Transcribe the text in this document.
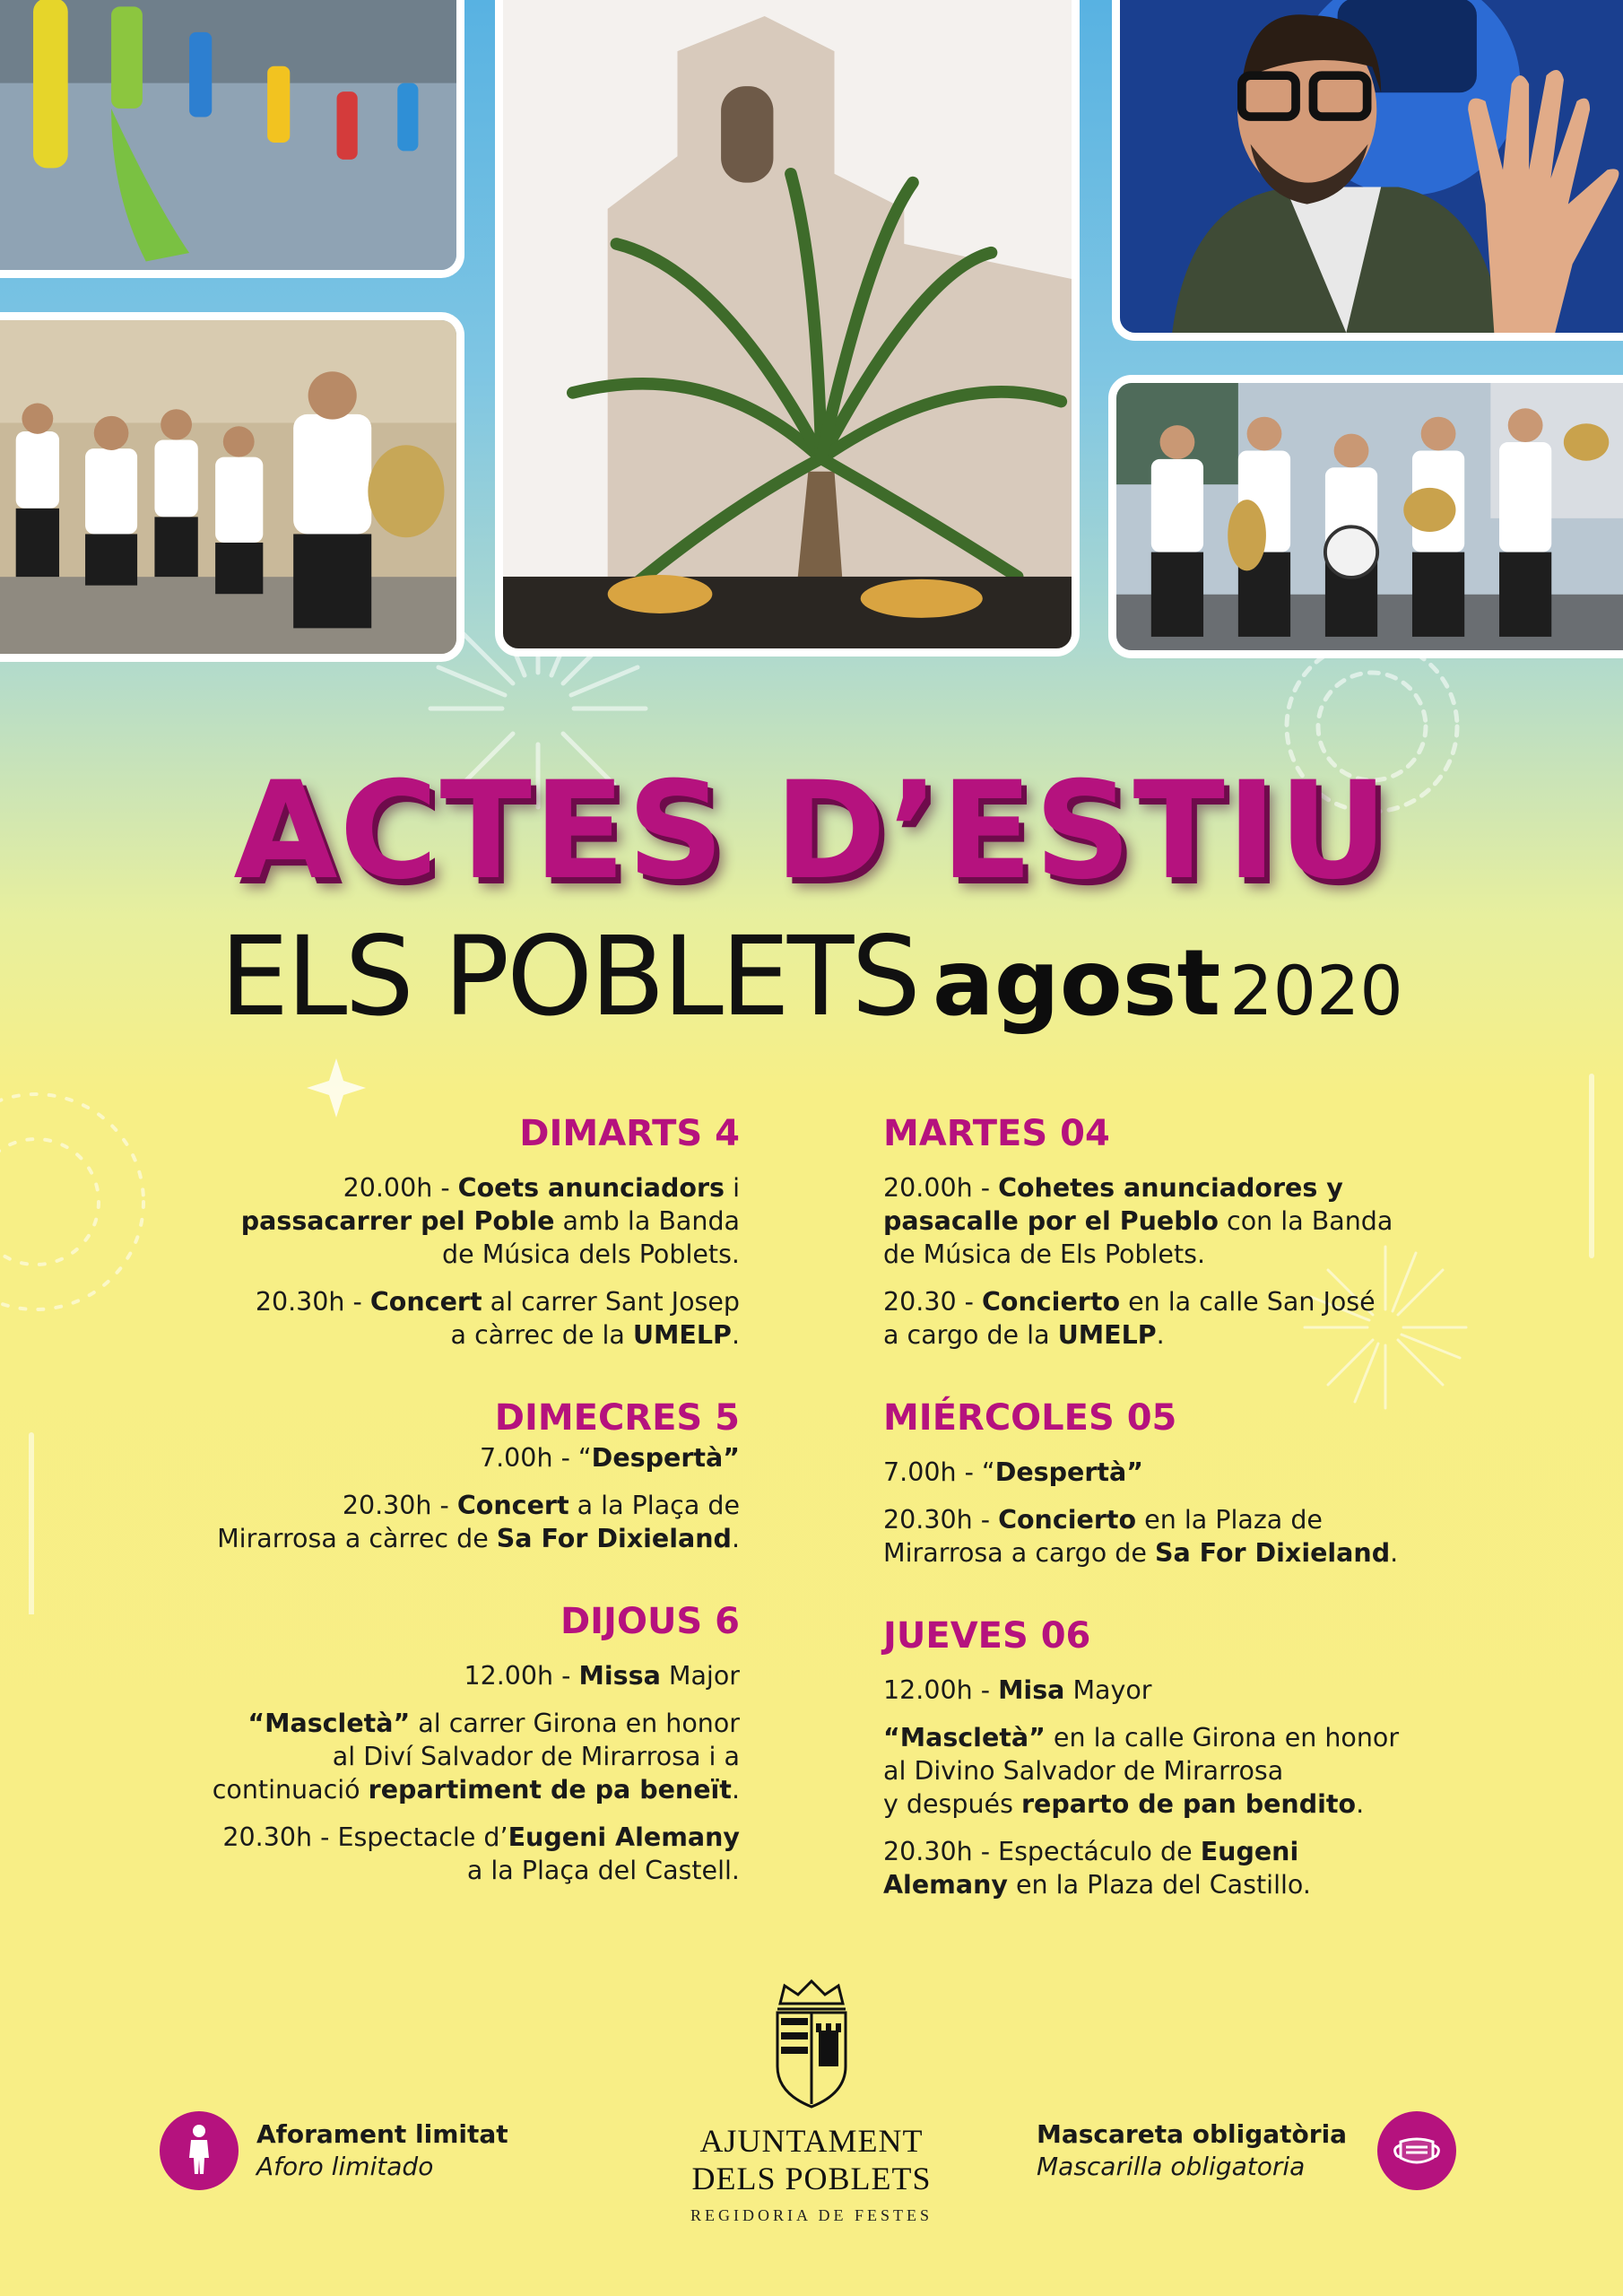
ACTES D’ESTIU
ELS POBLETS agost 2020
DIMARTS 4

20.00h - Coets anunciadors i
passacarrer pel Poble amb la Banda
de Música dels Poblets.

20.30h - Concert al carrer Sant Josep
a càrrec de la UMELP.

DIMECRES 5

7.00h - “Despertà”

20.30h - Concert a la Plaça de
Mirarrosa a càrrec de Sa For Dixieland.

DIJOUS 6

12.00h - Missa Major

“Mascletà” al carrer Girona en honor
al Diví Salvador de Mirarrosa i a
continuació repartiment de pa beneït.

20.30h - Espectacle d’Eugeni Alemany
a la Plaça del Castell.

MARTES 04

20.00h - Cohetes anunciadores y
pasacalle por el Pueblo con la Banda
de Música de Els Poblets.

20.30 - Concierto en la calle San José
a cargo de la UMELP.

MIÉRCOLES 05

7.00h - “Despertà”

20.30h - Concierto en la Plaza de
Mirarrosa a cargo de Sa For Dixieland.

JUEVES 06

12.00h - Misa Mayor

“Mascletà” en la calle Girona en honor
al Divino Salvador de Mirarrosa
y después reparto de pan bendito.

20.30h - Espectáculo de Eugeni
Alemany en la Plaza del Castillo.

Aforament limitat
Aforo limitado
AJUNTAMENT
DELS POBLETS
REGIDORIA DE FESTES
Mascareta obligatòria
Mascarilla obligatoria
